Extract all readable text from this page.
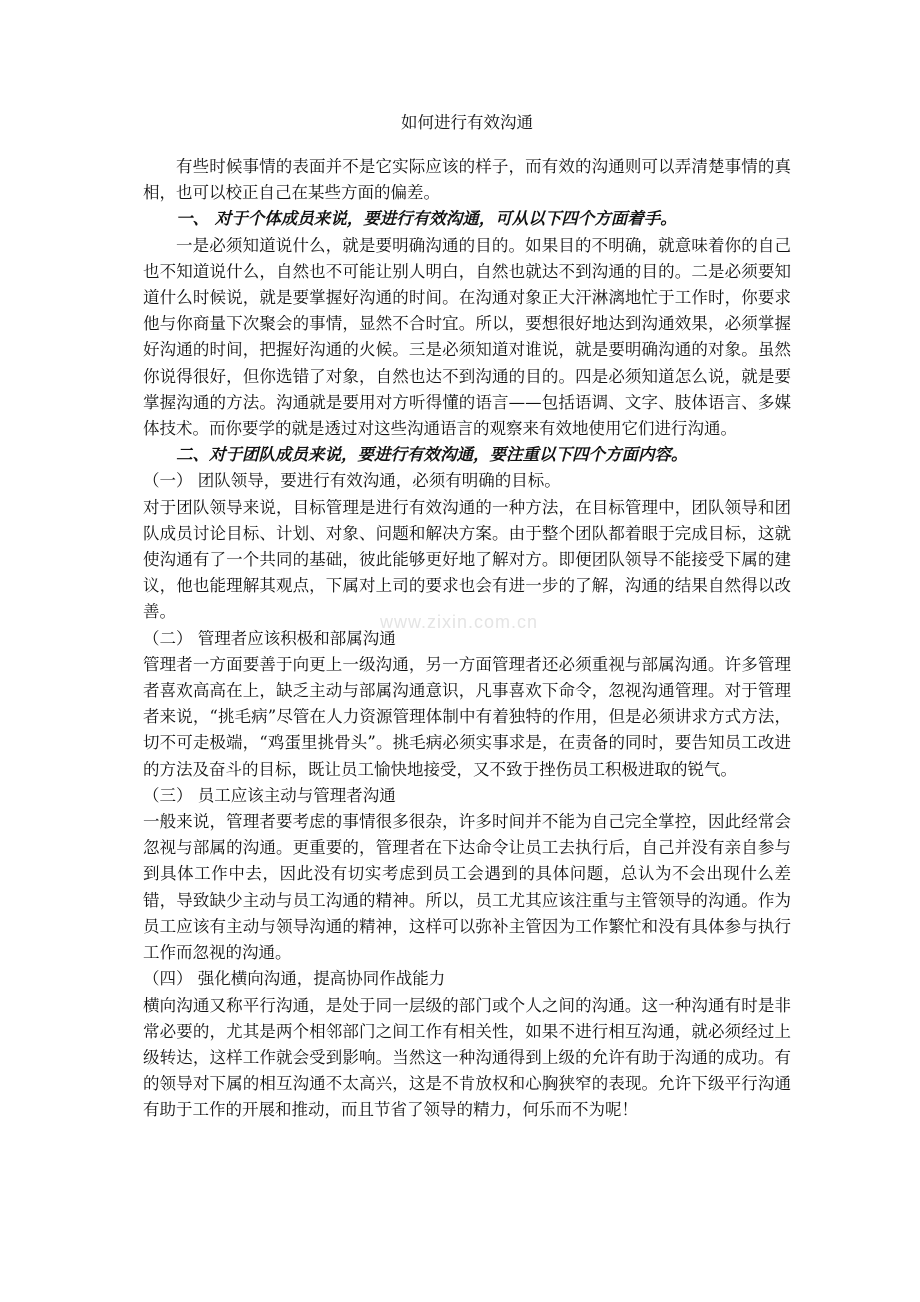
如何进行有效沟通

有些时候事情的表面并不是它实际应该的样子，而有效的沟通则可以弄清楚事情的真相，也可以校正自己在某些方面的偏差。

一、 对于个体成员来说，要进行有效沟通，可从以下四个方面着手。

一是必须知道说什么，就是要明确沟通的目的。如果目的不明确，就意味着你的自己也不知道说什么，自然也不可能让别人明白，自然也就达不到沟通的目的。二是必须要知道什么时候说，就是要掌握好沟通的时间。在沟通对象正大汗淋漓地忙于工作时，你要求他与你商量下次聚会的事情，显然不合时宜。所以，要想很好地达到沟通效果，必须掌握好沟通的时间，把握好沟通的火候。三是必须知道对谁说，就是要明确沟通的对象。虽然你说得很好，但你选错了对象，自然也达不到沟通的目的。四是必须知道怎么说，就是要掌握沟通的方法。沟通就是要用对方听得懂的语言——包括语调、文字、肢体语言、多媒体技术。而你要学的就是透过对这些沟通语言的观察来有效地使用它们进行沟通。

二、对于团队成员来说，要进行有效沟通，要注重以下四个方面内容。

（一） 团队领导，要进行有效沟通，必须有明确的目标。

对于团队领导来说，目标管理是进行有效沟通的一种方法，在目标管理中，团队领导和团队成员讨论目标、计划、对象、问题和解决方案。由于整个团队都着眼于完成目标，这就使沟通有了一个共同的基础，彼此能够更好地了解对方。即便团队领导不能接受下属的建议，他也能理解其观点，下属对上司的要求也会有进一步的了解，沟通的结果自然得以改善。

（二） 管理者应该积极和部属沟通

管理者一方面要善于向更上一级沟通，另一方面管理者还必须重视与部属沟通。许多管理者喜欢高高在上，缺乏主动与部属沟通意识，凡事喜欢下命令，忽视沟通管理。对于管理者来说，“挑毛病”尽管在人力资源管理体制中有着独特的作用，但是必须讲求方式方法，切不可走极端，“鸡蛋里挑骨头”。挑毛病必须实事求是，在责备的同时，要告知员工改进的方法及奋斗的目标，既让员工愉快地接受，又不致于挫伤员工积极进取的锐气。

（三） 员工应该主动与管理者沟通

一般来说，管理者要考虑的事情很多很杂，许多时间并不能为自己完全掌控，因此经常会忽视与部属的沟通。更重要的，管理者在下达命令让员工去执行后，自己并没有亲自参与到具体工作中去，因此没有切实考虑到员工会遇到的具体问题，总认为不会出现什么差错，导致缺少主动与员工沟通的精神。所以，员工尤其应该注重与主管领导的沟通。作为员工应该有主动与领导沟通的精神，这样可以弥补主管因为工作繁忙和没有具体参与执行工作而忽视的沟通。

（四） 强化横向沟通，提高协同作战能力

横向沟通又称平行沟通，是处于同一层级的部门或个人之间的沟通。这一种沟通有时是非常必要的，尤其是两个相邻部门之间工作有相关性，如果不进行相互沟通，就必须经过上级转达，这样工作就会受到影响。当然这一种沟通得到上级的允许有助于沟通的成功。有的领导对下属的相互沟通不太高兴，这是不肯放权和心胸狭窄的表现。允许下级平行沟通有助于工作的开展和推动，而且节省了领导的精力，何乐而不为呢！

www.zixin.com.cn
